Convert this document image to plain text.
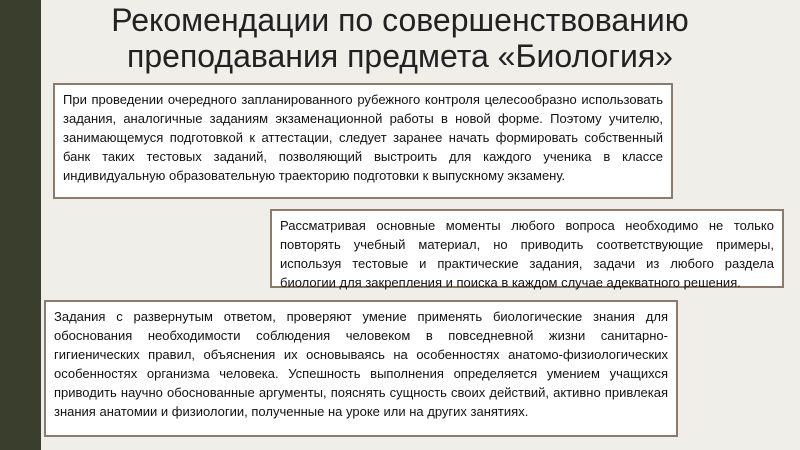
Рекомендации по совершенствованию преподавания предмета «Биология»
При проведении очередного запланированного рубежного контроля целесообразно использовать задания, аналогичные заданиям экзаменационной работы в новой форме. Поэтому учителю, занимающемуся подготовкой к аттестации, следует заранее начать формировать собственный банк таких тестовых заданий, позволяющий выстроить для каждого ученика в классе индивидуальную образовательную траекторию подготовки к выпускному экзамену.
Рассматривая основные моменты любого вопроса необходимо не только повторять учебный материал, но приводить соответствующие примеры, используя тестовые и практические задания, задачи из любого раздела биологии для закрепления и поиска в каждом случае адекватного решения.
Задания с развернутым ответом, проверяют умение применять биологические знания для обоснования необходимости соблюдения человеком в повседневной жизни санитарно-гигиенических правил, объяснения их основываясь на особенностях анатомо-физиологических особенностях организма человека. Успешность выполнения определяется умением учащихся приводить научно обоснованные аргументы, пояснять сущность своих действий, активно привлекая знания анатомии и физиологии, полученные на уроке или на других занятиях.
